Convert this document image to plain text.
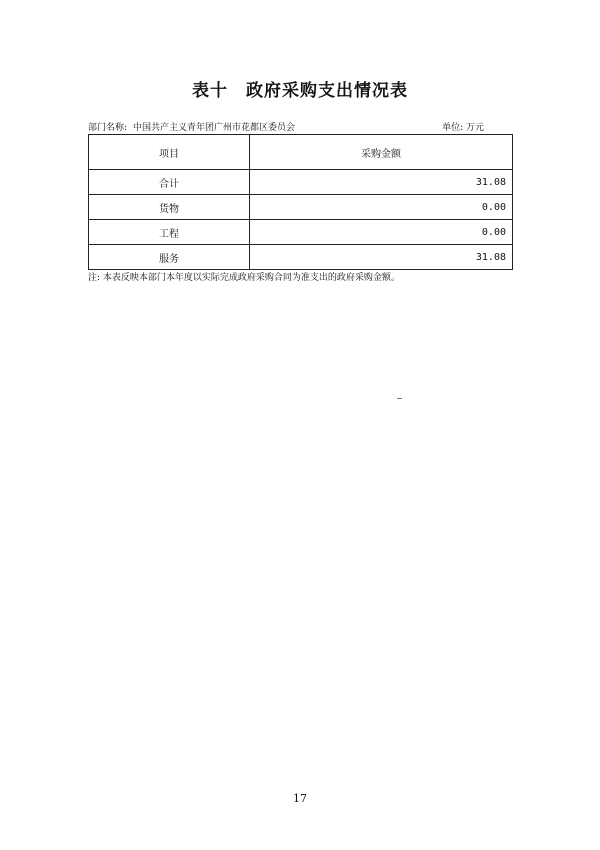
表十　政府采购支出情况表
部门名称: 中国共产主义青年团广州市花都区委员会	单位: 万元
项目	采购金额
合计	31.08
货物	0.00
工程	0.00
服务	31.08
注: 本表反映本部门本年度以实际完成政府采购合同为准支出的政府采购金额。
17
